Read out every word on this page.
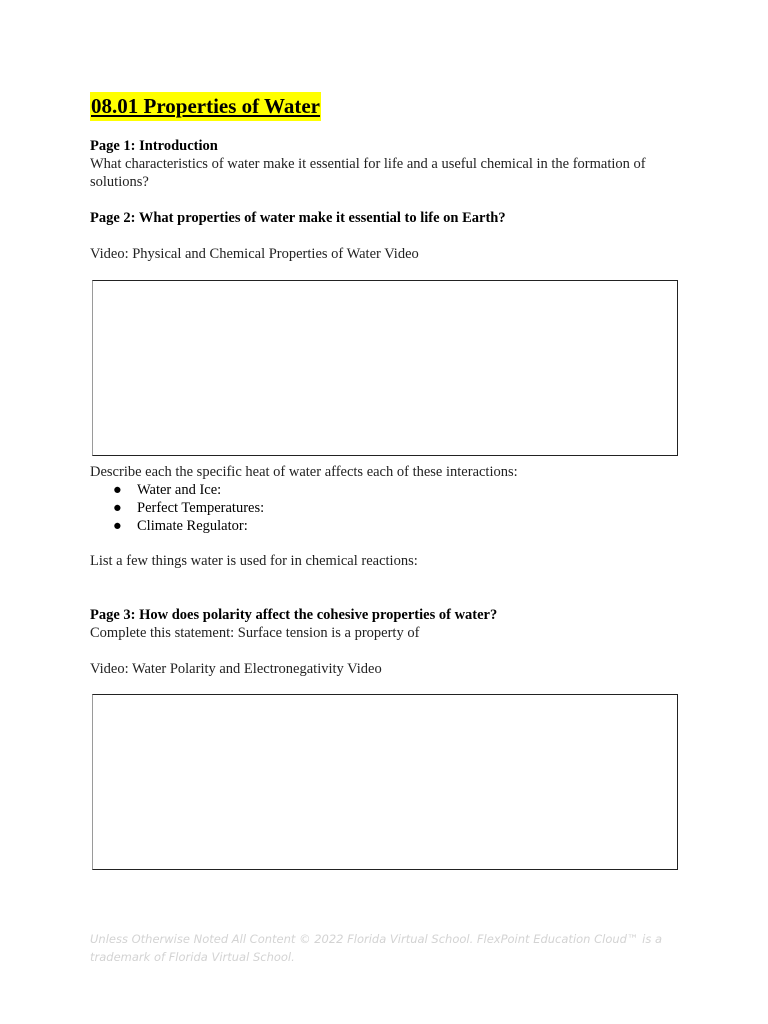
08.01 Properties of Water
Page 1: Introduction
What characteristics of water make it essential for life and a useful chemical in the formation of
solutions?
Page 2: What properties of water make it essential to life on Earth?
Video: Physical and Chemical Properties of Water Video
Describe each the specific heat of water affects each of these interactions:
● Water and Ice:
● Perfect Temperatures:
● Climate Regulator:
List a few things water is used for in chemical reactions:
Page 3: How does polarity affect the cohesive properties of water?
Complete this statement: Surface tension is a property of
Video: Water Polarity and Electronegativity Video
Unless Otherwise Noted All Content © 2022 Florida Virtual School. FlexPoint Education Cloud™ is a
trademark of Florida Virtual School.
